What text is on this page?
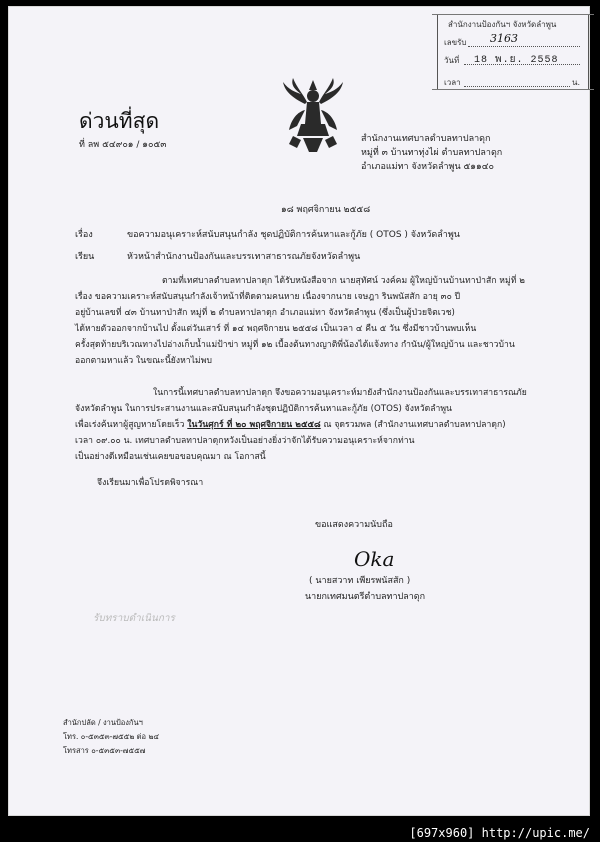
สำนักงานป้องกันฯ จังหวัดลำพูน
เลขรับ 3163
วันที่ 18 พ.ย. 2558
เวลา	น.
ด่วนที่สุด
ที่ ลพ ๕๔๙๐๑ / ๑๐๕๓
สำนักงานเทศบาลตำบลทาปลาดุก
หมู่ที่ ๓ บ้านทาทุ่งไผ่ ตำบลทาปลาดุก
อำเภอแม่ทา จังหวัดลำพูน ๕๑๑๔๐
๑๘ พฤศจิกายน ๒๕๕๘
เรื่อง	ขอความอนุเคราะห์สนับสนุนกำลัง ชุดปฏิบัติการค้นหาและกู้ภัย ( OTOS ) จังหวัดลำพูน
เรียน	หัวหน้าสำนักงานป้องกันและบรรเทาสาธารณภัยจังหวัดลำพูน
ตามที่เทศบาลตำบลทาปลาดุก ได้รับหนังสือจาก นายสุทัศน์ วงค์คม ผู้ใหญ่บ้านบ้านทาป่าสัก หมู่ที่ ๒
เรื่อง ขอความเคราะห์สนับสนุนกำลังเจ้าหน้าที่ติดตามคนหาย เนื่องจากนาย เจษฎา รินพนัสสัก อายุ ๓๐ ปี
อยู่บ้านเลขที่ ๔๓ บ้านทาป่าสัก หมู่ที่ ๒ ตำบลทาปลาดุก อำเภอแม่ทา จังหวัดลำพูน (ซึ่งเป็นผู้ป่วยจิตเวช)
ได้หายตัวออกจากบ้านไป ตั้งแต่วันเสาร์ ที่ ๑๔ พฤศจิกายน ๒๕๕๘ เป็นเวลา ๔ คืน ๕ วัน ซึ่งมีชาวบ้านพบเห็น
ครั้งสุดท้ายบริเวณทางไปอ่างเก็บน้ำแม่ป้าข่า หมู่ที่ ๑๒ เบื้องต้นทางญาติพี่น้องได้แจ้งทาง กำนัน/ผู้ใหญ่บ้าน และชาวบ้าน
ออกตามหาแล้ว ในขณะนี้ยังหาไม่พบ
ในการนี้เทศบาลตำบลทาปลาดุก จึงขอความอนุเคราะห์มายังสำนักงานป้องกันและบรรเทาสาธารณภัย
จังหวัดลำพูน ในการประสานงานและสนับสนุนกำลังชุดปฏิบัติการค้นหาและกู้ภัย (OTOS) จังหวัดลำพูน
เพื่อเร่งค้นหาผู้สูญหายโดยเร็ว ในวันศุกร์ ที่ ๒๐ พฤศจิกายน ๒๕๕๘ ณ จุดรวมพล (สำนักงานเทศบาลตำบลทาปลาดุก)
เวลา ๐๙.๐๐ น. เทศบาลตำบลทาปลาดุกหวังเป็นอย่างยิ่งว่าจักได้รับความอนุเคราะห์จากท่าน
เป็นอย่างดีเหมือนเช่นเคยขอขอบคุณมา ณ โอกาสนี้
จึงเรียนมาเพื่อโปรดพิจารณา
ขอแสดงความนับถือ
Oka
( นายสวาท เพียรพนัสสัก )
นายกเทศมนตรีตำบลทาปลาดุก
รับทราบดำเนินการ
สำนักปลัด / งานป้องกันฯ
โทร. ๐-๕๓๕๓-๗๕๕๒ ต่อ ๒๔
โทรสาร ๐-๕๓๕๓-๗๕๕๗
[697x960] http://upic.me/
